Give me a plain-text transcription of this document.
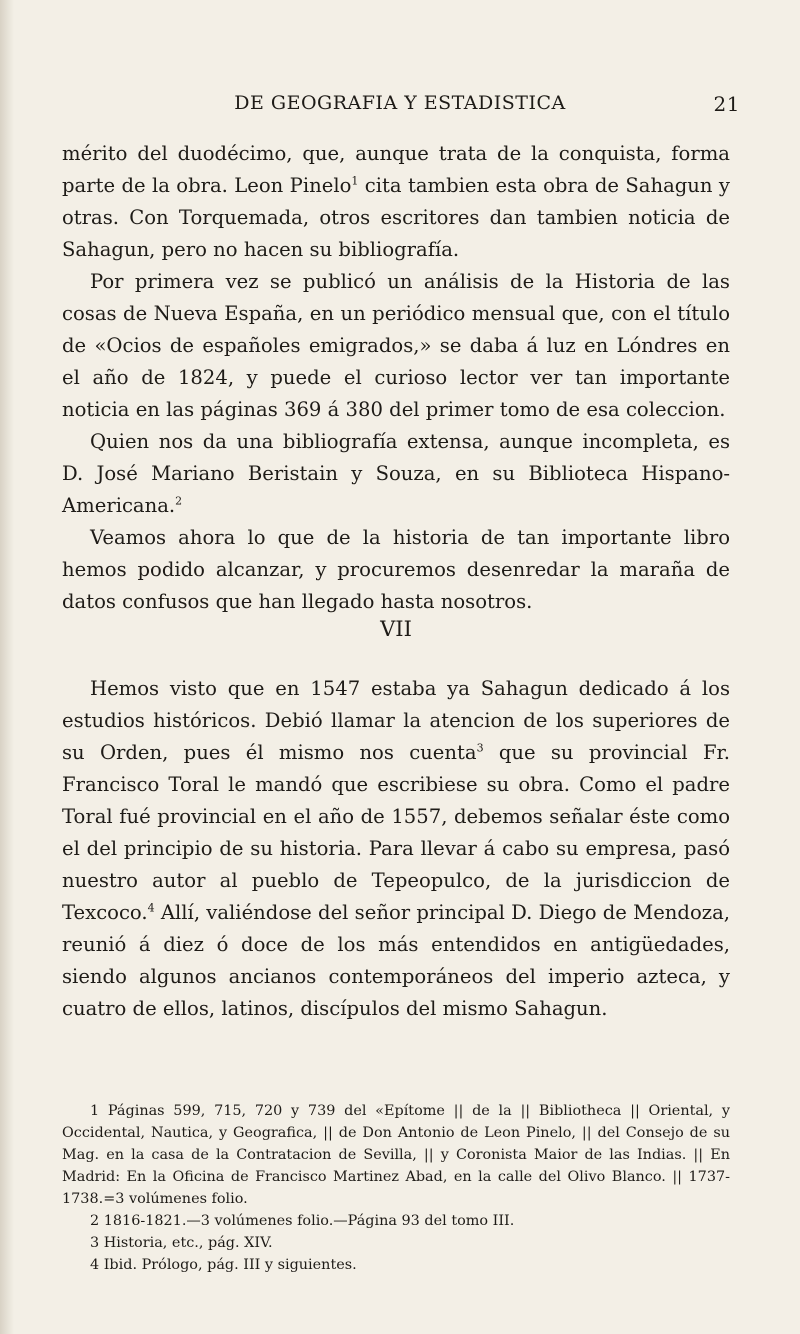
DE GEOGRAFIA Y ESTADISTICA	21

mérito del duodécimo, que, aunque trata de la conquista, forma parte de la obra. Leon Pinelo$^1$ cita tambien esta obra de Sahagun y otras. Con Torquemada, otros escritores dan tambien noticia de Sahagun, pero no hacen su bibliografía.

Por primera vez se publicó un análisis de la Historia de las cosas de Nueva España, en un periódico mensual que, con el título de «Ocios de españoles emigrados,» se daba á luz en Lóndres en el año de 1824, y puede el curioso lector ver tan importante noticia en las páginas 369 á 380 del primer tomo de esa coleccion.

Quien nos da una bibliografía extensa, aunque incompleta, es D. José Mariano Beristain y Souza, en su Biblioteca Hispano-Americana.$^2$

Veamos ahora lo que de la historia de tan importante libro hemos podido alcanzar, y procuremos desenredar la maraña de datos confusos que han llegado hasta nosotros.

VII

Hemos visto que en 1547 estaba ya Sahagun dedicado á los estudios históricos. Debió llamar la atencion de los superiores de su Orden, pues él mismo nos cuenta$^3$ que su provincial Fr. Francisco Toral le mandó que escribiese su obra. Como el padre Toral fué provincial en el año de 1557, debemos señalar éste como el del principio de su historia. Para llevar á cabo su empresa, pasó nuestro autor al pueblo de Tepeopulco, de la jurisdiccion de Texcoco.$^4$ Allí, valiéndose del señor principal D. Diego de Mendoza, reunió á diez ó doce de los más entendidos en antigüedades, siendo algunos ancianos contemporáneos del imperio azteca, y cuatro de ellos, latinos, discípulos del mismo Sahagun.

1 Páginas 599, 715, 720 y 739 del «Epítome || de la || Bibliotheca || Oriental, y Occidental, Nautica, y Geografica, || de Don Antonio de Leon Pinelo, || del Consejo de su Mag. en la casa de la Contratacion de Sevilla, || y Coronista Maior de las Indias. || En Madrid: En la Oficina de Francisco Martinez Abad, en la calle del Olivo Blanco. || 1737-1738.=3 volúmenes folio.

2 1816-1821.—3 volúmenes folio.—Página 93 del tomo III.

3 Historia, etc., pág. XIV.

4 Ibid. Prólogo, pág. III y siguientes.
